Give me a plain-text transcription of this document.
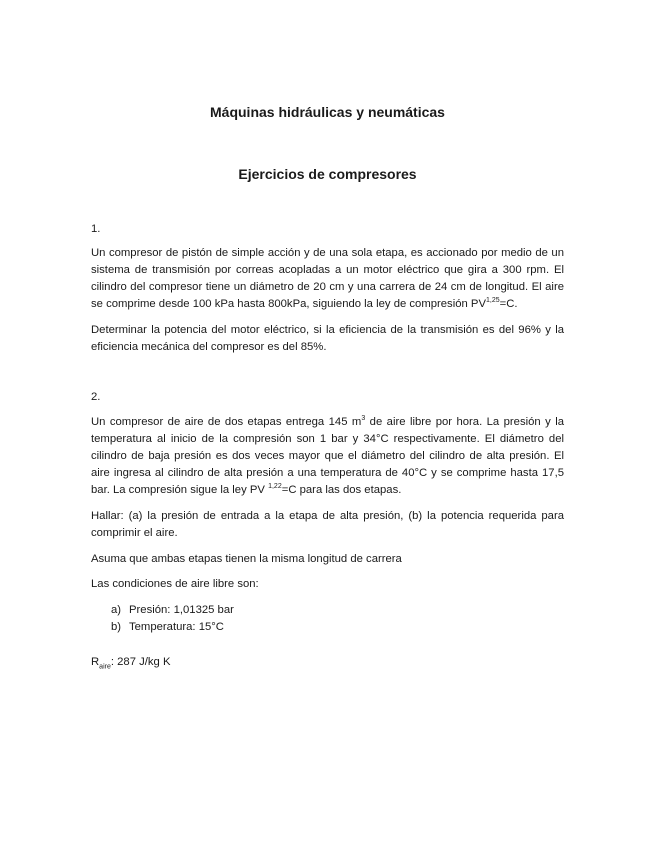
Máquinas hidráulicas y neumáticas
Ejercicios de compresores
1.
Un compresor de pistón de simple acción y de una sola etapa, es accionado por medio de un sistema de transmisión por correas acopladas a un motor eléctrico que gira a 300 rpm. El cilindro del compresor tiene un diámetro de 20 cm y una carrera de 24 cm de longitud. El aire se comprime desde 100 kPa hasta 800kPa, siguiendo la ley de compresión PV$^{1,25}$=C.
Determinar la potencia del motor eléctrico, si la eficiencia de la transmisión es del 96% y la eficiencia mecánica del compresor es del 85%.
2.
Un compresor de aire de dos etapas entrega 145 $m^3$ de aire libre por hora. La presión y la temperatura al inicio de la compresión son 1 bar y 34°C respectivamente. El diámetro del cilindro de baja presión es dos veces mayor que el diámetro del cilindro de alta presión. El aire ingresa al cilindro de alta presión a una temperatura de 40°C y se comprime hasta 17,5 bar. La compresión sigue la ley PV $^{1,22}$=C para las dos etapas.
Hallar: (a) la presión de entrada a la etapa de alta presión, (b) la potencia requerida para comprimir el aire.
Asuma que ambas etapas tienen la misma longitud de carrera
Las condiciones de aire libre son:
a) Presión: 1,01325 bar
b) Temperatura: 15°C
$R_{aire}$: 287 J/kg K
